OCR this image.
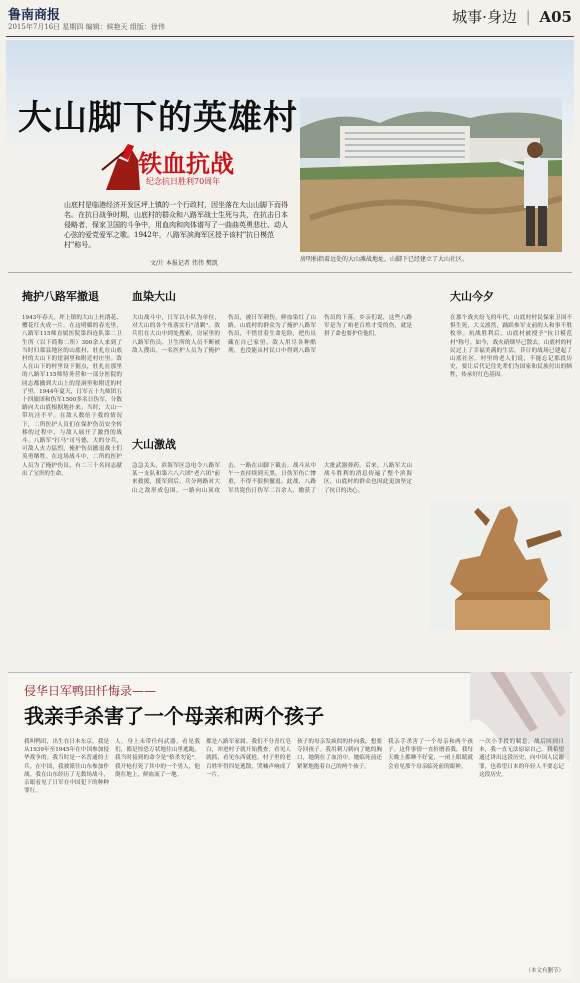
鲁南商报
2015年7月16日 星期四 编辑：候艳天 组版：徐伟
城事·身边 | A05
大山脚下的英雄村
铁血抗战
纪念抗日胜利70周年
房明柏指着远处的大山滩战地址，山脚下已经建立了大山社区。
山底村是临港经济开发区坪上镇的一个行政村，因坐落在大山山脚下而得名。在抗日战争时期，山底村的群众和八路军战士生死与共，在抗击日本侵略者，保家卫国的斗争中，用血肉和肉体谱写了一曲曲英勇悲壮、动人心弦的爱党爱军之歌。1942年，八路军滨海军区授予该村"抗日模范村"称号。
文/片 本报记者 伟伟 樊凯
掩护八路军撤退
1943年春天，坪上镇的大山上杜鹃花、樱花红火成一片。在这明媚的春光里，八路军115师直属医院第四连队第二卫生所（以下简称二所）300余人来到了当时归郯县地区的山底村，驻扎在山底村的大山下的崖洞里和附近村庄里。敌人在山下的村里设下据点，驻扎在那里的八路军115师特务营和一部分医院的同志都撤到大山上的崖洞里和附近的村子里。1944年夏天，日军五十九师团五十四旅团和伪军1500多名日伪军，分数路向大山底根据地扑来。当时，大山一带坑洼不平。在敌人数倍于我的情况下，二所医护人员们在保护伤员安全转移的过程中，与敌人展开了激烈的战斗。八路军"打马"司马德，大的分兵，可敌人火力猛烈，掩护伤员撤退战士们英勇牺牲。在这场战斗中，二所的医护人员为了掩护伤员，有二三十名同志献出了宝贵的生命。
血染大山
大山战斗中，日军以小队为单位，对大山的各个角落实行"清剿"。敌兵们在大山中到处搜索，房屋里的八路军伤员、卫生所的人员不断被敌人搜出。一名医护人员为了掩护伤员，被日军刺伤，鲜血染红了山路。山底村的群众为了掩护八路军伤员，不惜冒着生命危险，把伤员藏在自己家里。敌人用尽各种酷刑，也没能从村民口中得到八路军伤员的下落。乡亲们说，这些八路军是为了咱老百姓才受的伤，就是拼了命也要护住他们。
大山激战
急急关头，滨海军区急电令八路军某一支队和第六八六团"老六团"前来救援，援军到后，兵分两路对大山之敌形成包围。一路向山顶攻击，一路在山脚下截击。战斗从中午一直持续到天黑，日伪军伤亡惨重，不得不狼狈撤退。此战，八路军共毙伤日伪军二百余人，缴获了大批武器弹药。后来，八路军大山战斗胜利的消息传遍了整个滨海区，山底村的群众也因此更加坚定了抗日的决心。
大山今夕
在那个战火纷飞的年代，山底村村民保家卫国不惧生死，大义凛然，踊跃参军支前的人和事不胜枚举。抗战胜利后，山底村被授予"抗日模范村"称号。如今，战火硝烟早已散去，山底村的村民过上了幸福美满的生活，昔日的战场已建起了山底社区。村里的老人们说，不能忘记那段历史，要让后代记住先辈们为国家和民族付出的牺牲，传承好红色基因。
侵华日军鸭田忏悔录——
我亲手杀害了一个母亲和两个孩子
我叫鸭田，出生在日本东京。我是从1939年至1945年在中国参加侵华战争的。我当时是一名普通的士兵。在中国，我被派往山东参加作战。我在山东经历了无数场战斗，亲眼看见了日军在中国犯下的种种罪行。
人，身上未带任何武器，看见我们，都是惊恐万状地往山里逃跑。我当时接到的命令是"格杀勿论"。我开枪打死了其中的一个男人，他倒在地上，鲜血流了一地。
都是八路军家属。我们不分青红皂白，冲进村子就开始搜查，看见人就抓，看见东西就抢。村子里的老百姓吓得四处逃散，哭喊声响成了一片。
孩子的母亲发疯似的扑向我，想要夺回孩子。我用刺刀刺向了她的胸口，她倒在了血泊中。她临死前还紧紧地抱着自己的两个孩子。
我亲手杀害了一个母亲和两个孩子。这件事情一直折磨着我，我每天晚上都睡不好觉，一闭上眼睛就会看见那个母亲临死前的眼神。
一次小手段的喘息。战后回到日本，我一直无法原谅自己。我希望通过讲出这段历史，向中国人民谢罪，也希望日本的年轻人不要忘记这段历史。
（本文有删节）
